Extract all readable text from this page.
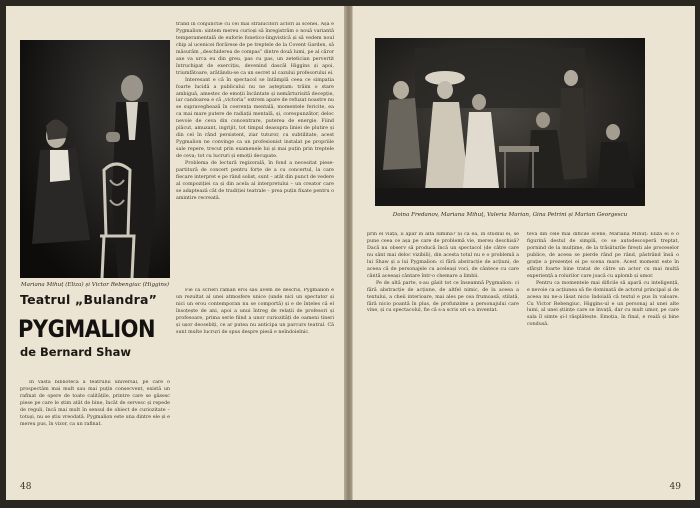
Mariana Mihuț (Eliza) și Victor Rebengiuc (Higgins)

trând în conjunctie cu cei mai strălucitori actori ai scenei. Așa e Pygmalion: sintem mereu curioși să înregistrăm o nouă variantă temperamentală de euforie fonetico-lingvistică și să vedem noul chip al ucenicei florărese de pe treptele de la Covent Garden, să măsurăm „deschiderea de compas” dintre două lumi, pe al căror axe va urca eu din greu, pas cu pas, un zetetician pervertit întruchipat de exercițiu, devenind dascăl Higgins și apoi, triumfătoare, arătându-se ca un secret al cazului profesorului ei.

Interesant e că în spectacol se întâmplă ceea ce simpatia foarte lucidă a publicului nu ne așteptam: trăim o stare ambiguă, amestec de emoții încântate și nemărturisită decepție, iar candoarea e că „victoria” extrem apare de refuzat noastre nu se supraveghează în coerența mentală, momentele fericite, ea ca mai mare putere de radiații mentală, și, corespunzător, deloc nevoie de ceva din concentrare, puterea de energie. Fiind plăcut, amuzant, ingrijit, tot timpul deasupra liniei de plutire și din cel în rând persistent, ziar tuturor, cu subtilitate, acest Pygmalion ne convinge ca un profesionist instalat pe propriile sale repere, trecut prin examenele lui și mai puțin prin treptele de ceva; tot cu lucruri și emoții decupate.

Problema de lectură regizorală, în fond a necesitat piese-partitură de concert pentru forțe de a cu concertul, la care fiecare interpret e pe rând solist, sunt – atât din punct de vedere al compoziției ca și din acela al interpretului – un creator care se adaptează cât de tradiției teatrale – prea puțin fixate pentru o amintire recreată.

Teatrul „Bulandra”
PYGMALION
de Bernard Shaw

În vasta bibliotecă a teatrului universal, pe care o prospectăm mai mult sau mai puțin consecvent, există un rafinat de opere de toate calitățile, printre care se găsesc piese pe care le știm atât de bine, încât de servesc și repede de reguli, încă mai mult în sensul de obiect de curiozitate – totuși, nu se știu vreodată. Pygmalion este una dintre ele și e mereu pus, în vizor, ca un rafinat.

Fie că scrieri rămân eroi sau avem de descris, Pygmalion e un rezultat al unei atmosfere unice (unde nici un spectator și nici un erou contemporan nu se comportă) și e de înțeles că el însoțește de ani, apoi a unui întreg de relații de profesori și profesoare, prima serie fiind a unor curiozități de oameni tineri și ușor deosebiți, ce ar putea nu anticipa un parcurs teatral. Că sunt multe lucruri de spus despre piesă e neîndoielnic.

48
Doina Fredanov, Mariana Mihuț, Valeria Marian, Gina Petrini și Marian Georgescu

prin el viață, îi apar în altă lumină? Și că ea, în studiul ei, se pune ceea ce așa pe care de problemă vie, mereu deschisă? Dacă nu observ să producă încă un spectacol (de către care nu sânt mai deloc vizibili), din acesta totul nu e o problemă a lui Shaw și a lui Pygmalion: ci fără abstracție de acțiuni, de aceea că de personajele cu aceleași voci, de cântece cu care cântă aceeași cântare într-o chemare a limbii.

Pe de altă parte, s-au găsit tot ce înseamnă Pygmalion: ci fără abstracție de acțiune, de altfel nimic, de la aceea a textului, a cheii interioare, mai ales pe cea frumoasă, stilată, fără nicio poantă în plus, de profunzime a personajului care vine, și cu spectacolul, fie că s-a scris ori s-a inventat.

teva din cele mai dificile scene, Mariana Mihuț: Eliza ei e o figurină destul de simplă, ce se autodescoperă treptat, pornind de la mulțime, de la trăsăturile firești ale proceselor publice, de aceea se pierde rând pe rând, păstrând însă o grație a prezenței ei pe scena mare. Acest moment este în sfârșit foarte bine tratat de către un actor cu mai multă experiență a rolurilor care joacă cu aplomb și umor.

Pentru ca momentele mai dificile să apară cu inteligență, e nevoie ca acțiunea să fie dominată de actorul principal și de aceea nu ne-a lăsat nicio îndoială că textul e pus în valoare. Cu Victor Rebengiuc, Higgins-ul e un personaj al unei alte lumi, al unei științe care se învață, dar cu mult umor, pe care sala îl simte și-l răsplătește. Emoția, în final, e reală și bine condusă.

49
